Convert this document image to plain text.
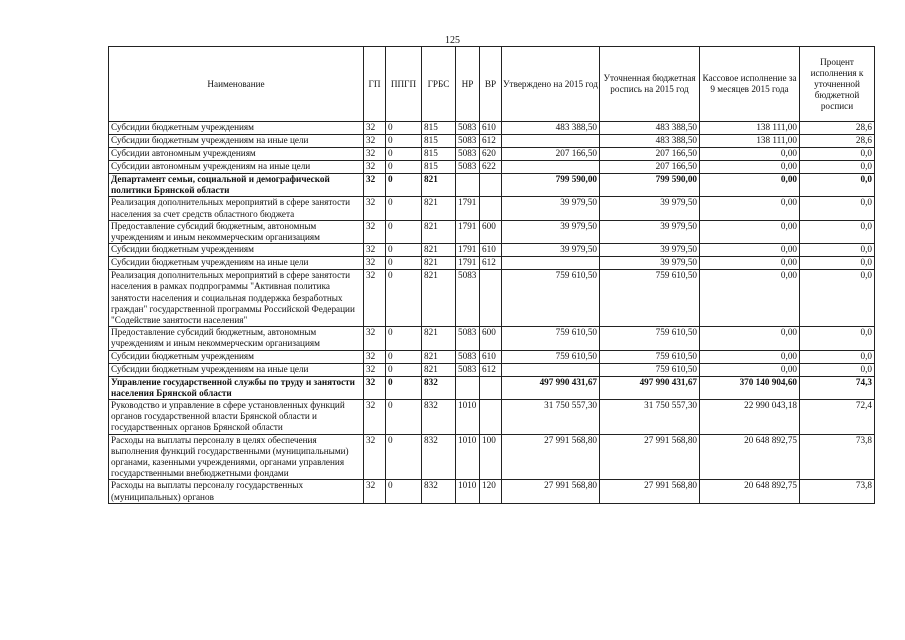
125
Наименование	ГП	ППГП	ГРБС	НР	ВР	Утверждено на 2015 год	Уточненная бюджетная роспись на 2015 год	Кассовое исполнение за 9 месяцев 2015 года	Процент исполнения к уточненной бюджетной росписи
Субсидии бюджетным учреждениям	32	0	815	5083	610	483 388,50	483 388,50	138 111,00	28,6
Субсидии бюджетным учреждениям на иные цели	32	0	815	5083	612		483 388,50	138 111,00	28,6
Субсидии автономным учреждениям	32	0	815	5083	620	207 166,50	207 166,50	0,00	0,0
Субсидии автономным учреждениям на иные цели	32	0	815	5083	622		207 166,50	0,00	0,0
Департамент семьи, социальной и демографической политики Брянской области	32	0	821			799 590,00	799 590,00	0,00	0,0
Реализация дополнительных мероприятий в сфере занятости населения за счет средств областного бюджета	32	0	821	1791		39 979,50	39 979,50	0,00	0,0
Предоставление субсидий бюджетным, автономным учреждениям и иным некоммерческим организациям	32	0	821	1791	600	39 979,50	39 979,50	0,00	0,0
Субсидии бюджетным учреждениям	32	0	821	1791	610	39 979,50	39 979,50	0,00	0,0
Субсидии бюджетным учреждениям на иные цели	32	0	821	1791	612		39 979,50	0,00	0,0
Реализация дополнительных мероприятий в сфере занятости населения в рамках подпрограммы "Активная политика занятости населения и социальная поддержка безработных граждан" государственной программы Российской Федерации "Содействие занятости населения"	32	0	821	5083		759 610,50	759 610,50	0,00	0,0
Предоставление субсидий бюджетным, автономным учреждениям и иным некоммерческим организациям	32	0	821	5083	600	759 610,50	759 610,50	0,00	0,0
Субсидии бюджетным учреждениям	32	0	821	5083	610	759 610,50	759 610,50	0,00	0,0
Субсидии бюджетным учреждениям на иные цели	32	0	821	5083	612		759 610,50	0,00	0,0
Управление государственной службы по труду и занятости населения Брянской области	32	0	832			497 990 431,67	497 990 431,67	370 140 904,60	74,3
Руководство и управление в сфере установленных функций органов государственной власти Брянской области и государственных органов Брянской области	32	0	832	1010		31 750 557,30	31 750 557,30	22 990 043,18	72,4
Расходы на выплаты персоналу в целях обеспечения выполнения функций государственными (муниципальными) органами, казенными учреждениями, органами управления государственными внебюджетными фондами	32	0	832	1010	100	27 991 568,80	27 991 568,80	20 648 892,75	73,8
Расходы на выплаты персоналу государственных (муниципальных) органов	32	0	832	1010	120	27 991 568,80	27 991 568,80	20 648 892,75	73,8
